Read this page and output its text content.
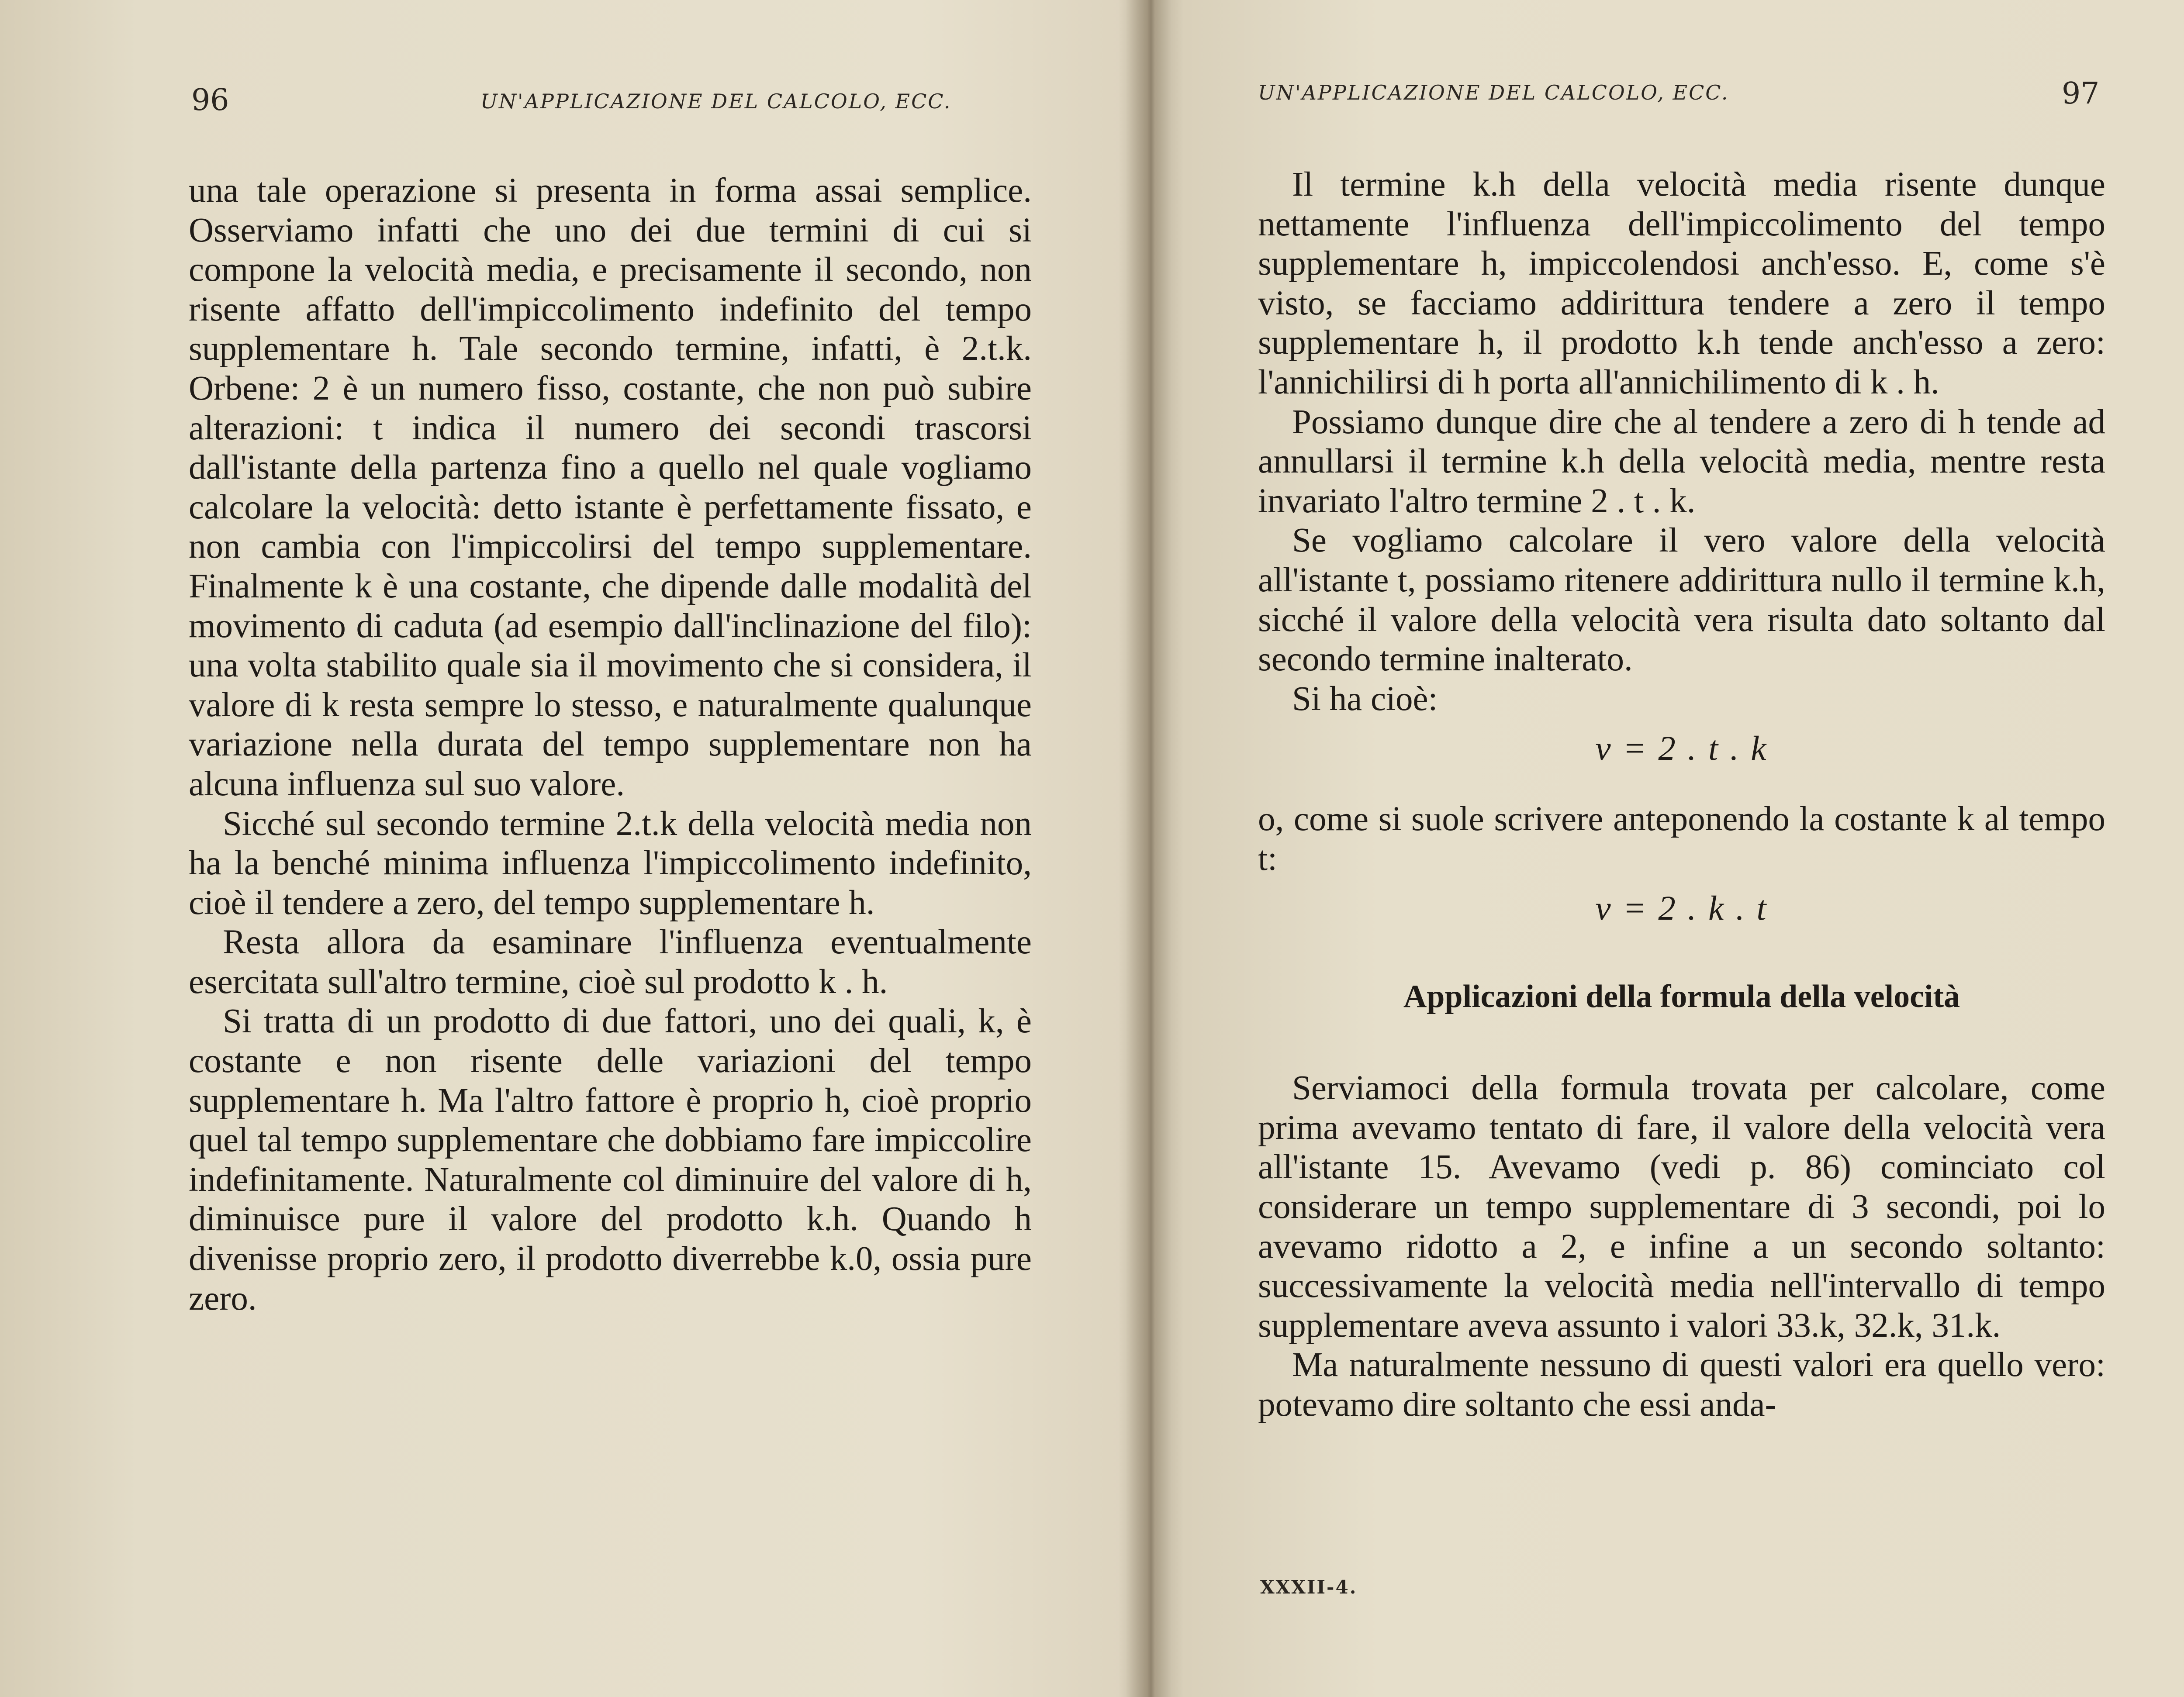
96	UN'APPLICAZIONE DEL CALCOLO, ECC.

una tale operazione si presenta in forma assai semplice. Osserviamo infatti che uno dei due termini di cui si compone la velocità media, e precisamente il secondo, non risente affatto dell'impiccolimento indefinito del tempo supplementare h. Tale secondo termine, infatti, è 2.t.k. Orbene: 2 è un numero fisso, costante, che non può subire alterazioni: t indica il numero dei secondi trascorsi dall'istante della partenza fino a quello nel quale vogliamo calcolare la velocità: detto istante è perfettamente fissato, e non cambia con l'impiccolirsi del tempo supplementare. Finalmente k è una costante, che dipende dalle modalità del movimento di caduta (ad esempio dall'inclinazione del filo): una volta stabilito quale sia il movimento che si considera, il valore di k resta sempre lo stesso, e naturalmente qualunque variazione nella durata del tempo supplementare non ha alcuna influenza sul suo valore.

Sicché sul secondo termine 2.t.k della velocità media non ha la benché minima influenza l'impiccolimento indefinito, cioè il tendere a zero, del tempo supplementare h.

Resta allora da esaminare l'influenza eventualmente esercitata sull'altro termine, cioè sul prodotto k . h.

Si tratta di un prodotto di due fattori, uno dei quali, k, è costante e non risente delle variazioni del tempo supplementare h. Ma l'altro fattore è proprio h, cioè proprio quel tal tempo supplementare che dobbiamo fare impiccolire indefinitamente. Naturalmente col diminuire del valore di h, diminuisce pure il valore del prodotto k.h. Quando h divenisse proprio zero, il prodotto diverrebbe k.0, ossia pure zero.

UN'APPLICAZIONE DEL CALCOLO, ECC.	97

Il termine k.h della velocità media risente dunque nettamente l'influenza dell'impiccolimento del tempo supplementare h, impiccolendosi anch'esso. E, come s'è visto, se facciamo addirittura tendere a zero il tempo supplementare h, il prodotto k.h tende anch'esso a zero: l'annichilirsi di h porta all'annichilimento di k . h.

Possiamo dunque dire che al tendere a zero di h tende ad annullarsi il termine k.h della velocità media, mentre resta invariato l'altro termine 2 . t . k.

Se vogliamo calcolare il vero valore della velocità all'istante t, possiamo ritenere addirittura nullo il termine k.h, sicché il valore della velocità vera risulta dato soltanto dal secondo termine inalterato.

Si ha cioè:

v = 2 . t . k

o, come si suole scrivere anteponendo la costante k al tempo t:

v = 2 . k . t
Applicazioni della formula della velocità

Serviamoci della formula trovata per calcolare, come prima avevamo tentato di fare, il valore della velocità vera all'istante 15. Avevamo (vedi p. 86) cominciato col considerare un tempo supplementare di 3 secondi, poi lo avevamo ridotto a 2, e infine a un secondo soltanto: successivamente la velocità media nell'intervallo di tempo supplementare aveva assunto i valori 33.k, 32.k, 31.k.

Ma naturalmente nessuno di questi valori era quello vero: potevamo dire soltanto che essi anda-

XXXII-4.
